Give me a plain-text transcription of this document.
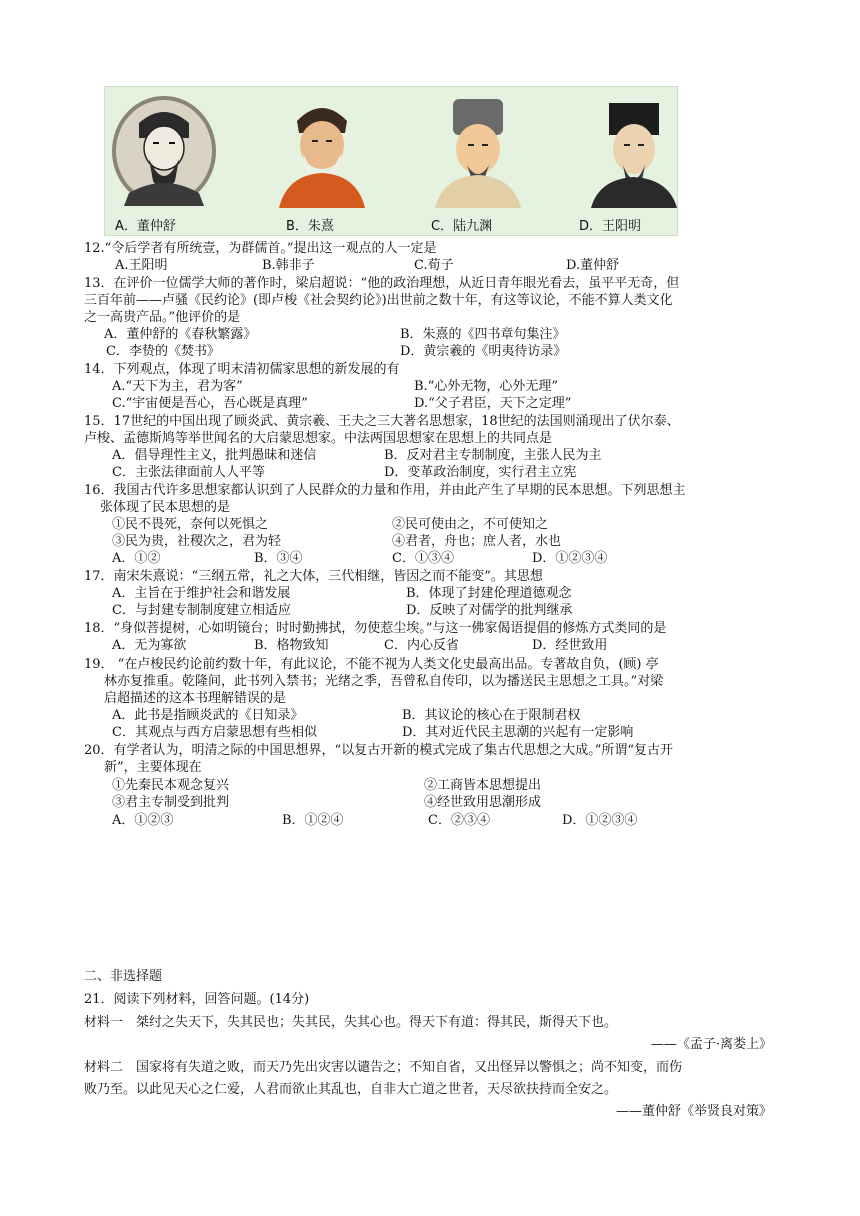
A．董仲舒	B．朱熹	C．陆九渊	D．王阳明
12.“令后学者有所统壹，为群儒首。”提出这一观点的人一定是
A.王阳明	B.韩非子	C.荀子	D.董仲舒
13．在评价一位儒学大师的著作时，梁启超说：“他的政治理想，从近日青年眼光看去，虽平平无奇，但
三百年前——卢骚《民约论》(即卢梭《社会契约论》)出世前之数十年，有这等议论，不能不算人类文化
之一高贵产品。”他评价的是
A．董仲舒的《春秋繁露》	B．朱熹的《四书章句集注》
C．李贽的《焚书》	D．黄宗羲的《明夷待访录》
14．下列观点，体现了明末清初儒家思想的新发展的有
A.“天下为主，君为客”	B.“心外无物，心外无理”
C.“宇宙便是吾心，吾心既是真理”	D.“父子君臣，天下之定理”
15．17世纪的中国出现了顾炎武、黄宗羲、王夫之三大著名思想家，18世纪的法国则涌现出了伏尔泰、
卢梭、孟德斯鸠等举世闻名的大启蒙思想家。中法两国思想家在思想上的共同点是
A．倡导理性主义，批判愚昧和迷信	B．反对君主专制制度，主张人民为主
C．主张法律面前人人平等	D．变革政治制度，实行君主立宪
16．我国古代许多思想家都认识到了人民群众的力量和作用，并由此产生了早期的民本思想。下列思想主
张体现了民本思想的是
①民不畏死，奈何以死惧之	②民可使由之，不可使知之
③民为贵，社稷次之，君为轻	④君者，舟也；庶人者，水也
A．①②	B．③④	C．①③④	D．①②③④
17．南宋朱熹说：“三纲五常，礼之大体，三代相继，皆因之而不能变”。其思想
A．主旨在于维护社会和谐发展	B．体现了封建伦理道德观念
C．与封建专制制度建立相适应	D．反映了对儒学的批判继承
18．“身似菩提树，心如明镜台；时时勤拂拭，勿使惹尘埃。”与这一佛家偈语提倡的修炼方式类同的是
A．无为寡欲	B．格物致知	C．内心反省	D．经世致用
19． “在卢梭民约论前约数十年，有此议论，不能不视为人类文化史最高出品。专著故自负，(顾) 亭
林亦复推重。乾隆间，此书列入禁书；光绪之季，吾曾私自传印，以为播送民主思想之工具。”对梁
启超描述的这本书理解错误的是
A．此书是指顾炎武的《日知录》	B．其议论的核心在于限制君权
C．其观点与西方启蒙思想有些相似	D．其对近代民主思潮的兴起有一定影响
20．有学者认为，明清之际的中国思想界，“以复古开新的模式完成了集古代思想之大成。”所谓“复古开
新”，主要体现在
①先秦民本观念复兴	②工商皆本思想提出
③君主专制受到批判	④经世致用思潮形成
A．①②③	B．①②④	C．②③④	D．①②③④
二、非选择题
21．阅读下列材料，回答问题。(14分)
材料一　桀纣之失天下，失其民也；失其民，失其心也。得天下有道：得其民，斯得天下也。
——《孟子·离娄上》
材料二　国家将有失道之败，而天乃先出灾害以谴告之；不知自省，又出怪异以警惧之；尚不知变，而伤
败乃至。以此见天心之仁爱，人君而欲止其乱也，自非大亡道之世者，天尽欲扶持而全安之。
——董仲舒《举贤良对策》
